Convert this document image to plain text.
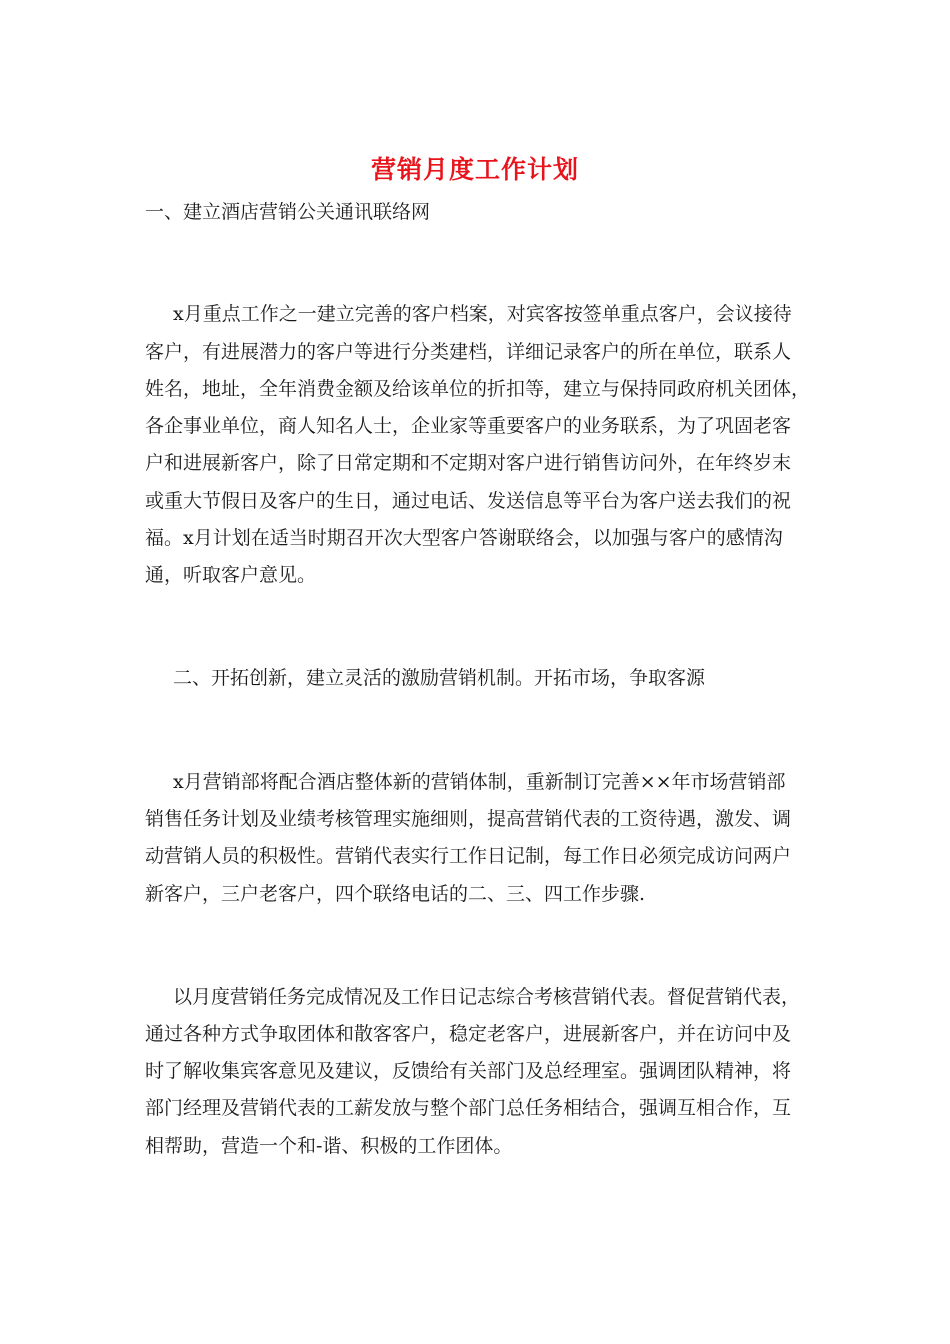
营销月度工作计划
一、建立酒店营销公关通讯联络网
x月重点工作之一建立完善的客户档案，对宾客按签单重点客户，会议接待
客户，有进展潜力的客户等进行分类建档，详细记录客户的所在单位，联系人
姓名，地址，全年消费金额及给该单位的折扣等，建立与保持同政府机关团体，
各企事业单位，商人知名人士，企业家等重要客户的业务联系，为了巩固老客
户和进展新客户，除了日常定期和不定期对客户进行销售访问外，在年终岁末
或重大节假日及客户的生日，通过电话、发送信息等平台为客户送去我们的祝
福。x月计划在适当时期召开次大型客户答谢联络会，以加强与客户的感情沟
通，听取客户意见。
二、开拓创新，建立灵活的激励营销机制。开拓市场，争取客源
x月营销部将配合酒店整体新的营销体制，重新制订完善××年市场营销部
销售任务计划及业绩考核管理实施细则，提高营销代表的工资待遇，激发、调
动营销人员的积极性。营销代表实行工作日记制，每工作日必须完成访问两户
新客户，三户老客户，四个联络电话的二、三、四工作步骤.
以月度营销任务完成情况及工作日记志综合考核营销代表。督促营销代表，
通过各种方式争取团体和散客客户，稳定老客户，进展新客户，并在访问中及
时了解收集宾客意见及建议，反馈给有关部门及总经理室。强调团队精神，将
部门经理及营销代表的工薪发放与整个部门总任务相结合，强调互相合作，互
相帮助，营造一个和-谐、积极的工作团体。
